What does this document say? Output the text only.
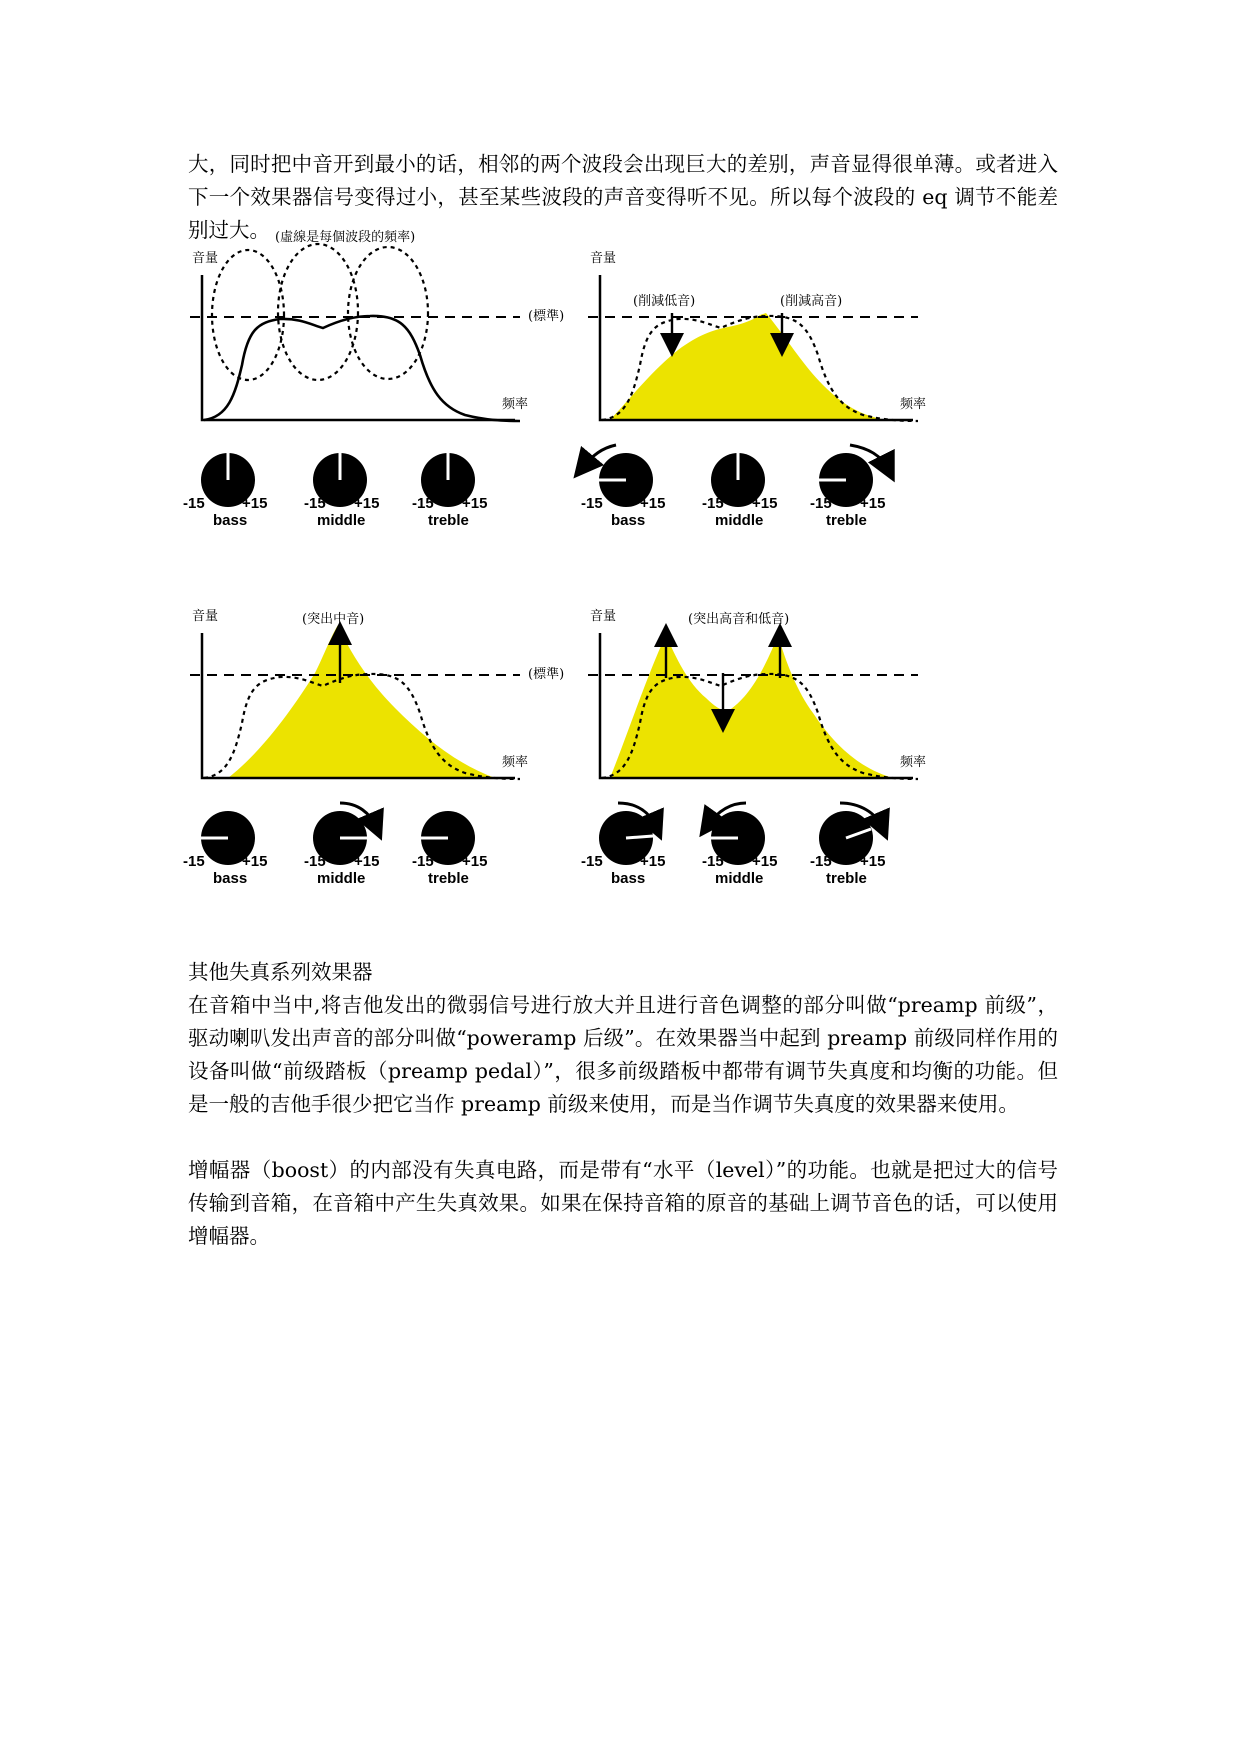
大，同时把中音开到最小的话，相邻的两个波段会出现巨大的差别，声音显得很单薄。或者进入下一个效果器信号变得过小，甚至某些波段的声音变得听不见。所以每个波段的 eq 调节不能差别过大。

音量
(虛線是每個波段的頻率)
频率
(標準)
-15 +15
bass
-15 +15
middle
-15 +15
treble
音量
频率
(削減低音)	(削減高音)
-15 +15
bass
-15 +15
middle
-15 +15
treble
音量
频率
(標準)
(突出中音)
-15 +15
bass
-15 +15
middle
-15 +15
treble
音量
频率
(突出高音和低音)
-15 +15
bass
-15 +15
middle
-15 +15
treble

其他失真系列效果器

在音箱中当中,将吉他发出的微弱信号进行放大并且进行音色调整的部分叫做“preamp 前级”，驱动喇叭发出声音的部分叫做“poweramp 后级”。在效果器当中起到 preamp 前级同样作用的设备叫做“前级踏板（preamp pedal）”，很多前级踏板中都带有调节失真度和均衡的功能。但是一般的吉他手很少把它当作 preamp 前级来使用，而是当作调节失真度的效果器来使用。

增幅器（boost）的内部没有失真电路，而是带有“水平（level）”的功能。也就是把过大的信号传输到音箱，在音箱中产生失真效果。如果在保持音箱的原音的基础上调节音色的话，可以使用增幅器。
